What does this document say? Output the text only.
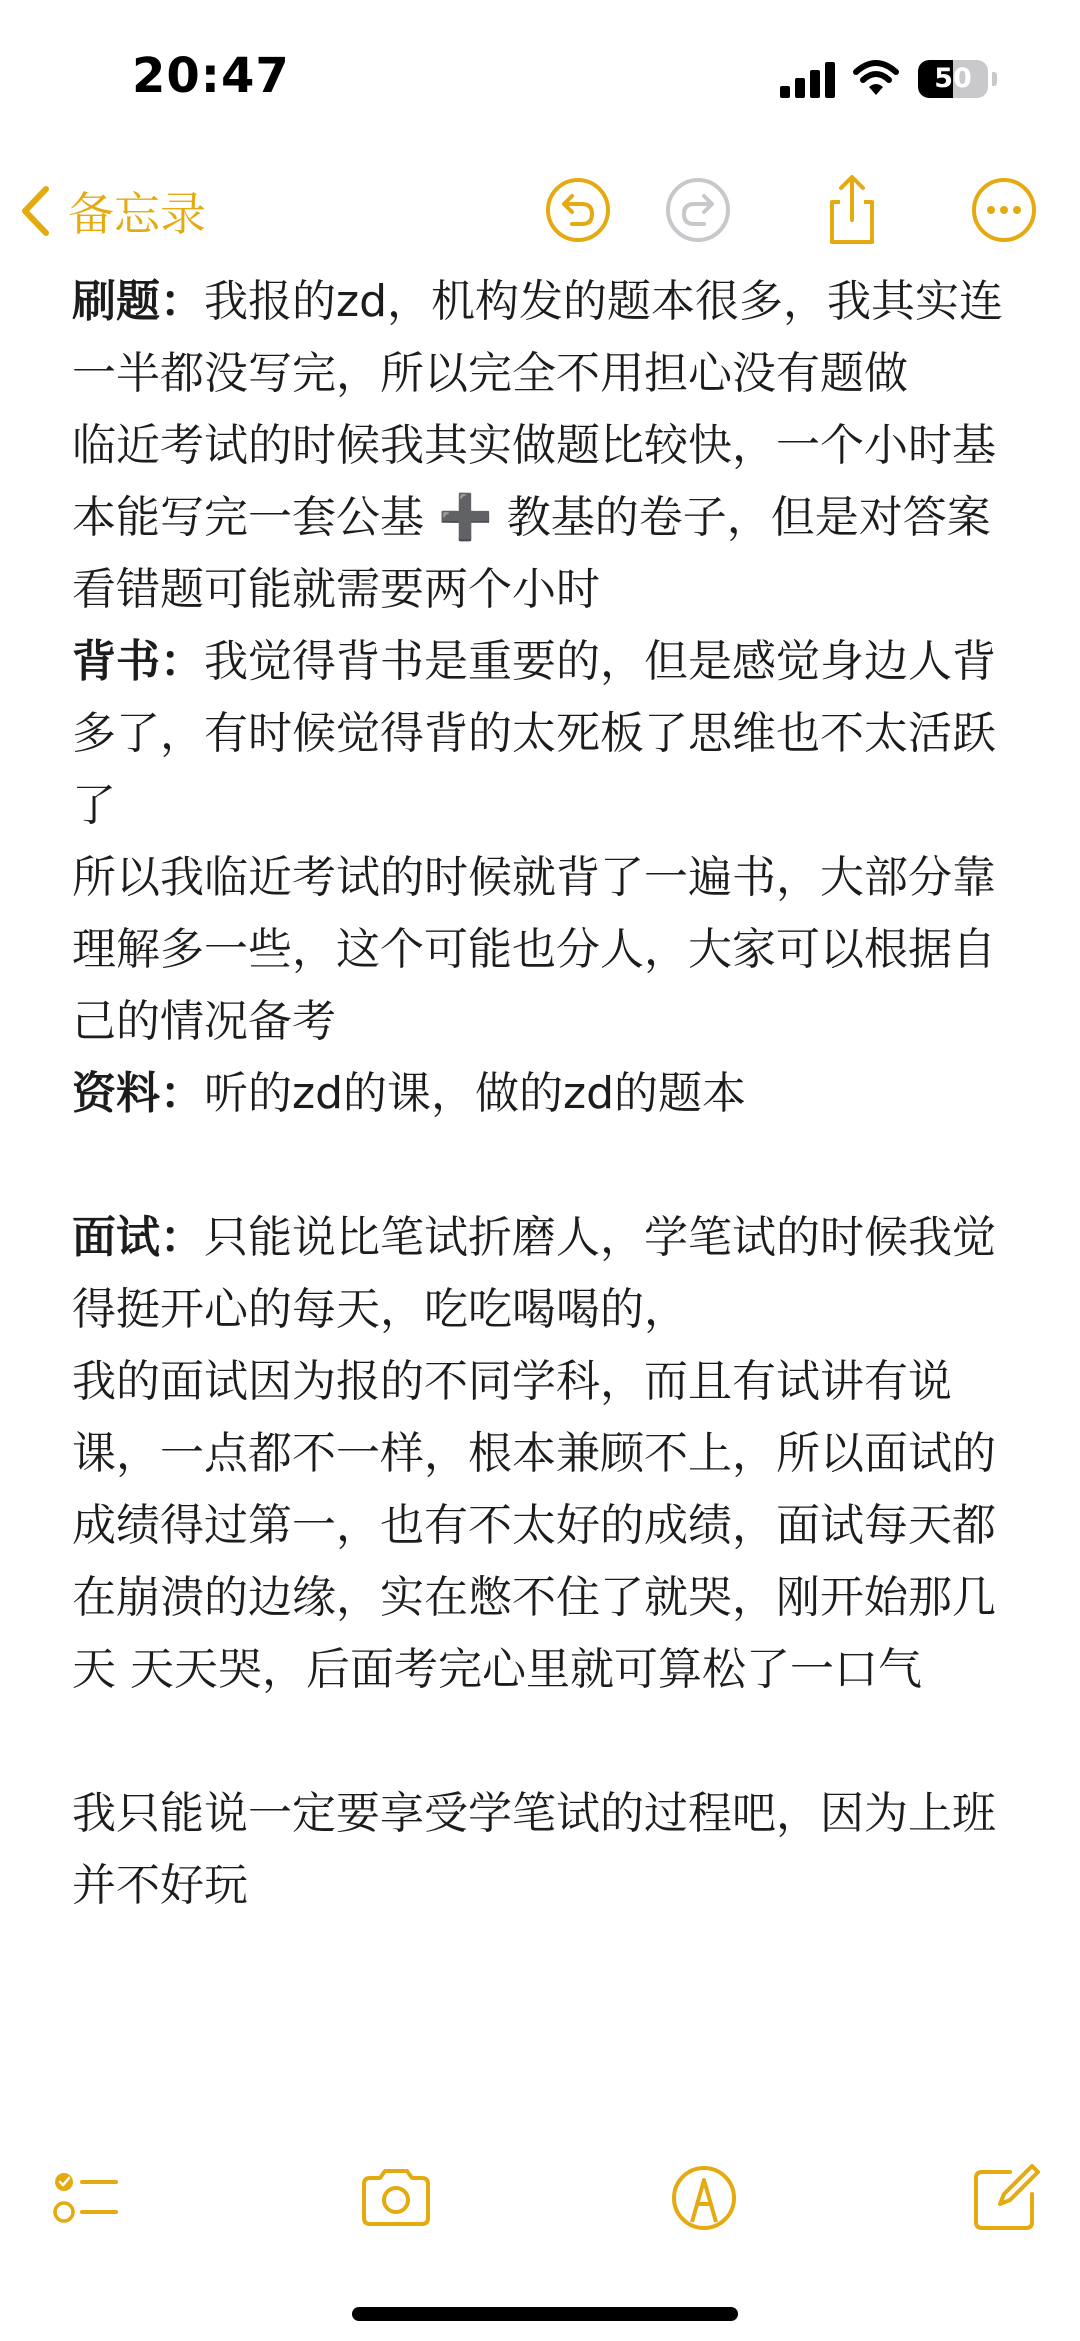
20:47	50
备忘录
刷题：我报的zd，机构发的题本很多，我其实连一半都没写完，所以完全不用担心没有题做
临近考试的时候我其实做题比较快，一个小时基本能写完一套公基 ➕ 教基的卷子，但是对答案看错题可能就需要两个小时
背书：我觉得背书是重要的，但是感觉身边人背多了，有时候觉得背的太死板了思维也不太活跃了
所以我临近考试的时候就背了一遍书，大部分靠理解多一些，这个可能也分人，大家可以根据自己的情况备考
资料：听的zd的课，做的zd的题本
面试：只能说比笔试折磨人，学笔试的时候我觉得挺开心的每天，吃吃喝喝的，
我的面试因为报的不同学科，而且有试讲有说课，一点都不一样，根本兼顾不上，所以面试的成绩得过第一，也有不太好的成绩，面试每天都在崩溃的边缘，实在憋不住了就哭，刚开始那几天 天天哭，后面考完心里就可算松了一口气
我只能说一定要享受学笔试的过程吧，因为上班并不好玩
